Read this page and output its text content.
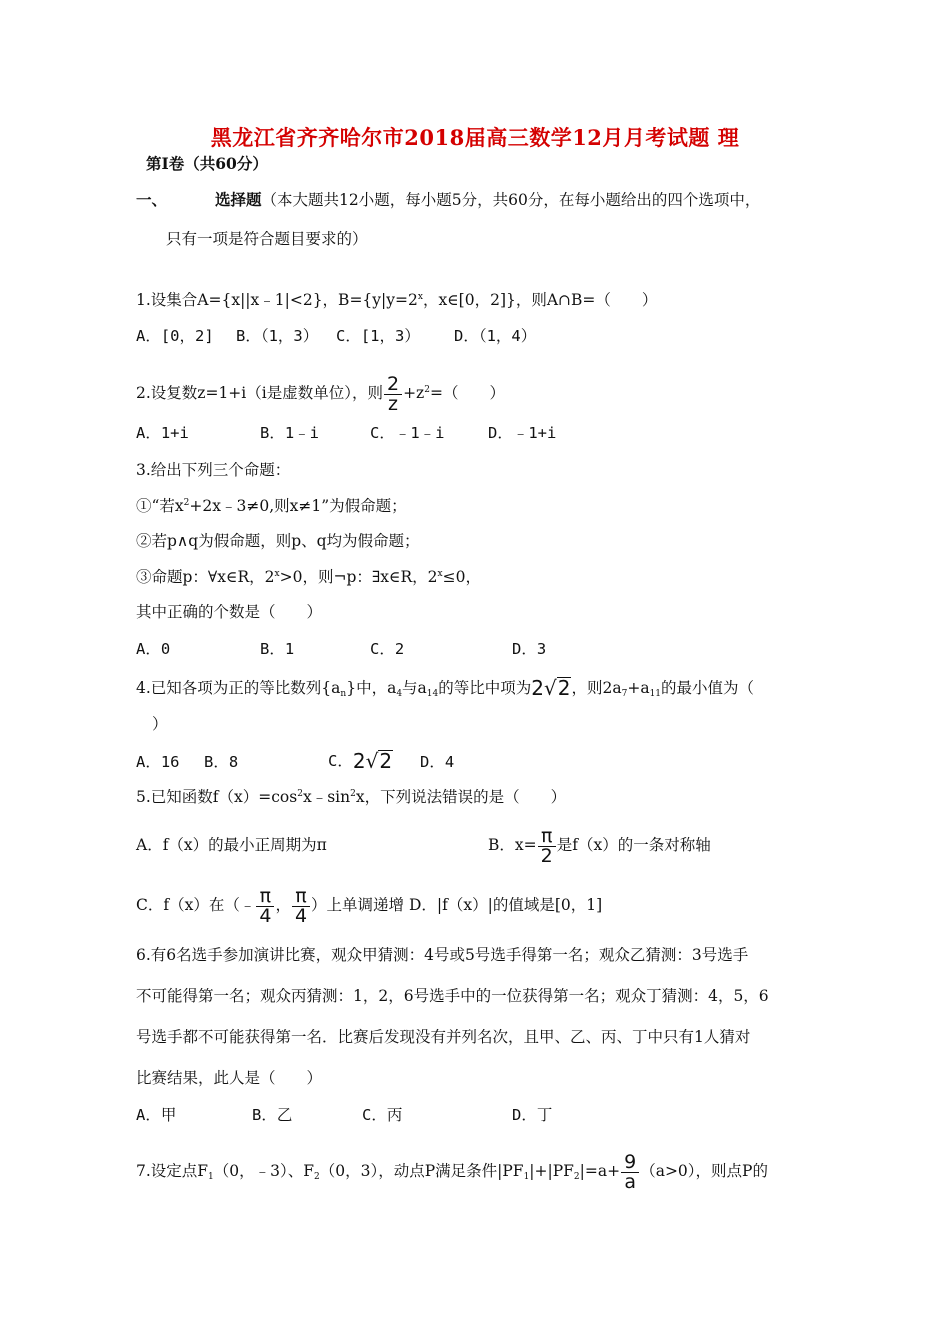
黑龙江省齐齐哈尔市2018届高三数学12月月考试题 理
第Ⅰ卷（共60分）
一、	选择题（本大题共12小题，每小题5分，共60分，在每小题给出的四个选项中，
只有一项是符合题目要求的）
1.设集合A={x||x﹣1|<2}，$B=\{y|y=2^x$，x∈[0，2]}，则A∩B=（　　）
A．[0，2] B．（1，3） C．[1，3） D．（1，4）
2.设复数z=1+i（i是虚数单位），则 $\frac{2}{z} +z^2=$（　　）
A．1+i	B．1﹣i	C．﹣1﹣i	D．﹣1+i
3.给出下列三个命题：
①“若$x^2+2x﹣3\ne 0$,则x≠1”为假命题；
②若p∧q为假命题，则p、q均为假命题；
③命题p：∀x∈R，$2^x>0$，则¬p：∃x∈R，$2^x\le 0$，
其中正确的个数是（　　）
A．0	B．1	C．2	D．3
4.已知各项为正的等比数列$\{a_n\}$中，$a_4$与$a_{14}$的等比中项为 2 √ 2 ，则$2a_7+a_{11}$的最小值为（
）
A．16 B．8	C． 2 √ 2 D．4
5.已知函数$f(x)=\cos^2x﹣\sin^2x$，下列说法错误的是（　　）
A．f（x）的最小正周期为π	B．$x= \frac{\pi}{2}$ 是f（x）的一条对称轴
C．f（x）在（﹣ $\frac{\pi}{4}$ ， $\frac{\pi}{4}$ ）上单调递增 D．|f（x）|的值域是[0，1]
6.有6名选手参加演讲比赛，观众甲猜测：4号或5号选手得第一名；观众乙猜测：3号选手
不可能得第一名；观众丙猜测：1，2，6号选手中的一位获得第一名；观众丁猜测：4，5，6
号选手都不可能获得第一名．比赛后发现没有并列名次，且甲、乙、丙、丁中只有1人猜对
比赛结果，此人是（　　）
A．甲	B．乙	C．丙	D．丁
7.设定点$F_1(0$，﹣3）、$F_2(0$，3），动点P满足条件$|PF_1|+|PF_2|=a+ \frac{9}{a} (a>0)$，则点P的
